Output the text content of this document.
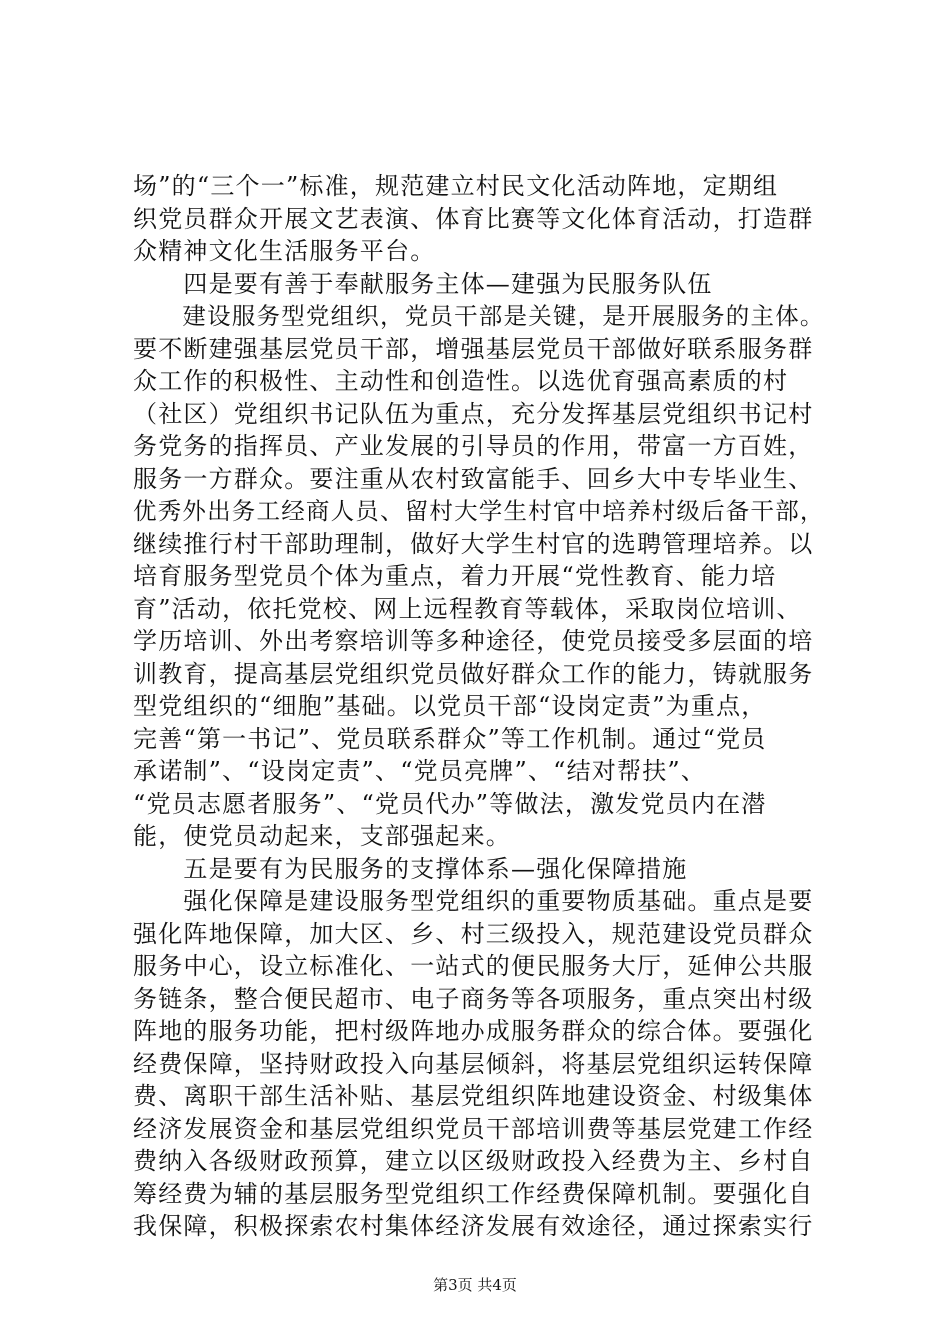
场”的“三个一”标准，规范建立村民文化活动阵地，定期组
织党员群众开展文艺表演、体育比赛等文化体育活动，打造群
众精神文化生活服务平台。
　　四是要有善于奉献服务主体—建强为民服务队伍
　　建设服务型党组织，党员干部是关键，是开展服务的主体。
要不断建强基层党员干部，增强基层党员干部做好联系服务群
众工作的积极性、主动性和创造性。以选优育强高素质的村
（社区）党组织书记队伍为重点，充分发挥基层党组织书记村
务党务的指挥员、产业发展的引导员的作用，带富一方百姓，
服务一方群众。要注重从农村致富能手、回乡大中专毕业生、
优秀外出务工经商人员、留村大学生村官中培养村级后备干部，
继续推行村干部助理制，做好大学生村官的选聘管理培养。以
培育服务型党员个体为重点，着力开展“党性教育、能力培
育”活动，依托党校、网上远程教育等载体，采取岗位培训、
学历培训、外出考察培训等多种途径，使党员接受多层面的培
训教育，提高基层党组织党员做好群众工作的能力，铸就服务
型党组织的“细胞”基础。以党员干部“设岗定责”为重点，
完善“第一书记”、党员联系群众”等工作机制。通过“党员
承诺制”、“设岗定责”、“党员亮牌”、“结对帮扶”、
“党员志愿者服务”、“党员代办”等做法，激发党员内在潜
能，使党员动起来，支部强起来。
　　五是要有为民服务的支撑体系—强化保障措施
　　强化保障是建设服务型党组织的重要物质基础。重点是要
强化阵地保障，加大区、乡、村三级投入，规范建设党员群众
服务中心，设立标准化、一站式的便民服务大厅，延伸公共服
务链条，整合便民超市、电子商务等各项服务，重点突出村级
阵地的服务功能，把村级阵地办成服务群众的综合体。要强化
经费保障，坚持财政投入向基层倾斜，将基层党组织运转保障
费、离职干部生活补贴、基层党组织阵地建设资金、村级集体
经济发展资金和基层党组织党员干部培训费等基层党建工作经
费纳入各级财政预算，建立以区级财政投入经费为主、乡村自
筹经费为辅的基层服务型党组织工作经费保障机制。要强化自
我保障，积极探索农村集体经济发展有效途径，通过探索实行
第3页 共4页
